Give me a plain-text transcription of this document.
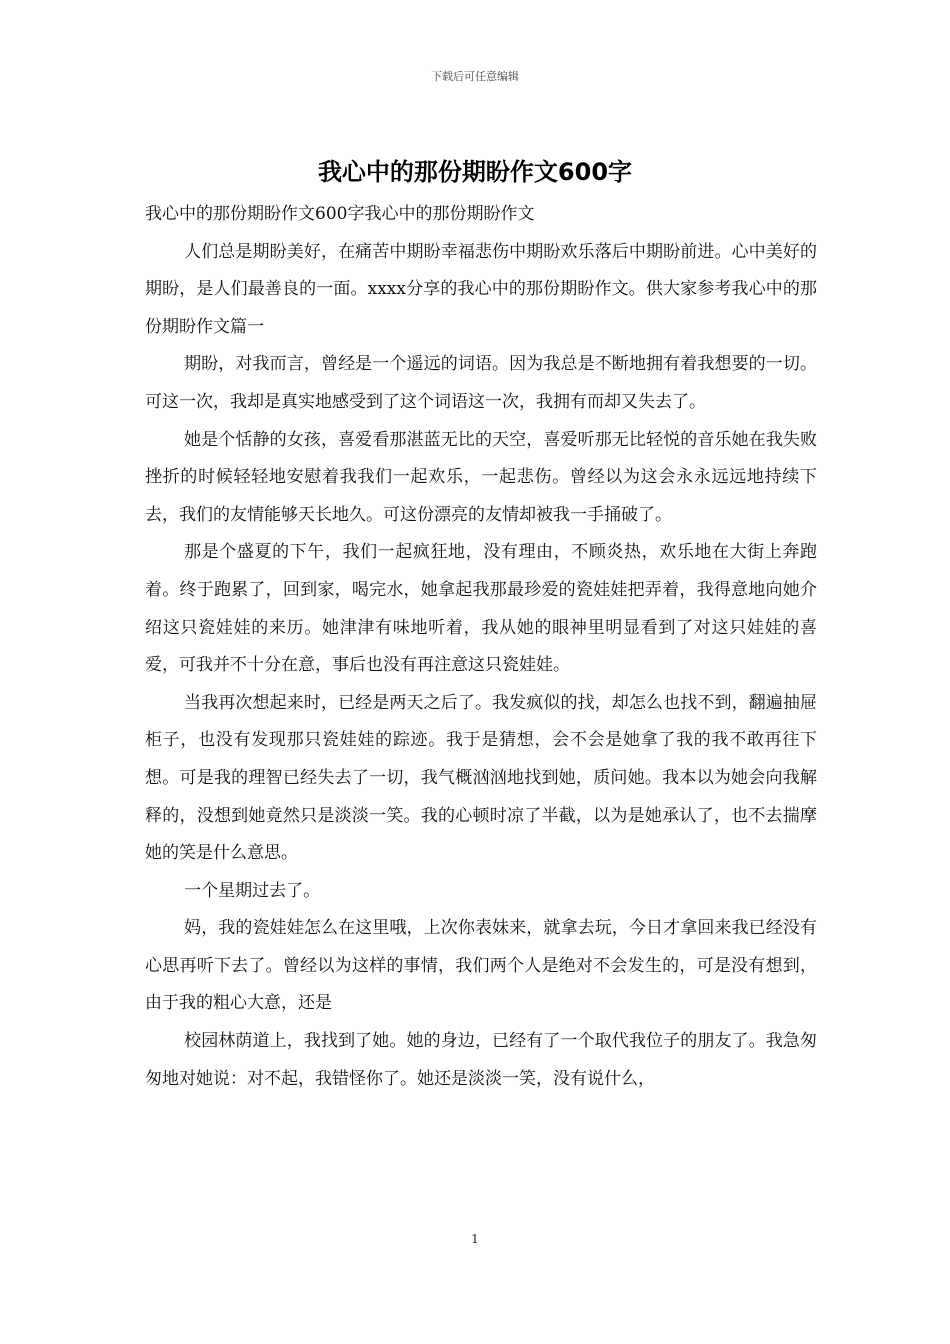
下载后可任意编辑
我心中的那份期盼作文600字

我心中的那份期盼作文600字我心中的那份期盼作文

人们总是期盼美好，在痛苦中期盼幸福悲伤中期盼欢乐落后中期盼前进。心中美好的期盼，是人们最善良的一面。xxxx分享的我心中的那份期盼作文。供大家参考我心中的那份期盼作文篇一

期盼，对我而言，曾经是一个遥远的词语。因为我总是不断地拥有着我想要的一切。可这一次，我却是真实地感受到了这个词语这一次，我拥有而却又失去了。

她是个恬静的女孩，喜爱看那湛蓝无比的天空，喜爱听那无比轻悦的音乐她在我失败挫折的时候轻轻地安慰着我我们一起欢乐，一起悲伤。曾经以为这会永永远远地持续下去，我们的友情能够天长地久。可这份漂亮的友情却被我一手捅破了。

那是个盛夏的下午，我们一起疯狂地，没有理由，不顾炎热，欢乐地在大街上奔跑着。终于跑累了，回到家，喝完水，她拿起我那最珍爱的瓷娃娃把弄着，我得意地向她介绍这只瓷娃娃的来历。她津津有味地听着，我从她的眼神里明显看到了对这只娃娃的喜爱，可我并不十分在意，事后也没有再注意这只瓷娃娃。

当我再次想起来时，已经是两天之后了。我发疯似的找，却怎么也找不到，翻遍抽屉柜子，也没有发现那只瓷娃娃的踪迹。我于是猜想，会不会是她拿了我的我不敢再往下想。可是我的理智已经失去了一切，我气概汹汹地找到她，质问她。我本以为她会向我解释的，没想到她竟然只是淡淡一笑。我的心顿时凉了半截，以为是她承认了，也不去揣摩她的笑是什么意思。

一个星期过去了。

妈，我的瓷娃娃怎么在这里哦，上次你表妹来，就拿去玩，今日才拿回来我已经没有心思再听下去了。曾经以为这样的事情，我们两个人是绝对不会发生的，可是没有想到，由于我的粗心大意，还是

校园林荫道上，我找到了她。她的身边，已经有了一个取代我位子的朋友了。我急匆匆地对她说：对不起，我错怪你了。她还是淡淡一笑，没有说什么，

1
